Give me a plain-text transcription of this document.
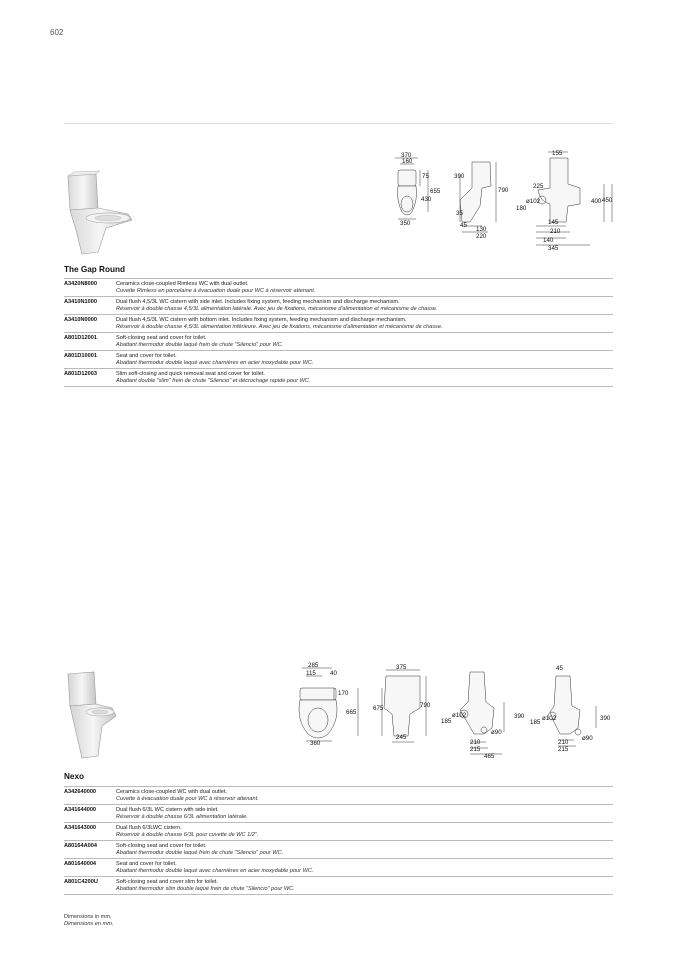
602
370
160
75
655
430
350
390
790
35
45
130
220
155
225
180
ø102	400 450
145
210
140
345
The Gap Round
A3420N8000	Ceramics close-coupled Rimless WC with dual outlet.
Cuvette Rimless en porcelaine à évacuation duale pour WC à réservoir attenant.

A3410N1000	Dual flush 4,5/3L WC cistern with side inlet. Includes fixing system, feeding mechanism and discharge mechanism.
Réservoir à double chasse 4,5/3L alimentation latérale. Avec jeu de fixations, mécanisme d'alimentation et mécanisme de chasse.

A3410N0000	Dual flush 4,5/3L WC cistern with bottom inlet. Includes fixing system, feeding mechanism and discharge mechanism.
Réservoir à double chasse 4,5/3L alimentation inférieure. Avec jeu de fixations, mécanisme d'alimentation et mécanisme de chasse.

A801D12001	Soft-closing seat and cover for toilet.
Abattant thermodur double laqué frein de chute "Silencio" pour WC.

A801D10001	Seat and cover for toilet.
Abattant thermodur double laqué avec charnières en acier inoxydable pour WC.

A801D12003	Slim soft-closing and quick removal seat and cover for toilet.
Abattant double "slim" frein de chute "Silencio" et décrochage rapide pour WC.
285
115 40
170
665
360
375
675	790
245
390
ø102
185
ø90
210
215
465
45
ø102
185
390
ø90
210
215
Nexo
A342640000	Ceramics close-coupled WC with dual outlet.
Cuvette à évacuation duale pour WC à réservoir attenant.

A341644000	Dual flush 6/3L WC cistern with side inlet.
Réservoir à double chasse 6/3L alimentation latérale.

A341643000	Dual flush 6/3LWC cistern.
Réservoir à double chasse 6/3L pour cuvette de WC 1/2".

A80164A004	Soft-closing seat and cover for toilet.
Abattant thermodur double laqué frein de chute "Silencio" pour WC.

A801640004	Seat and cover for toilet.
Abattant thermodur double laqué avec charnières en acier inoxydable pour WC.

A801C4200U	Soft-closing seat and cover slim for toilet.
Abattant thermodur slim double laqué frein de chute "Silencio" pour WC.
Dimensions in mm.

Dimensions en mm.
